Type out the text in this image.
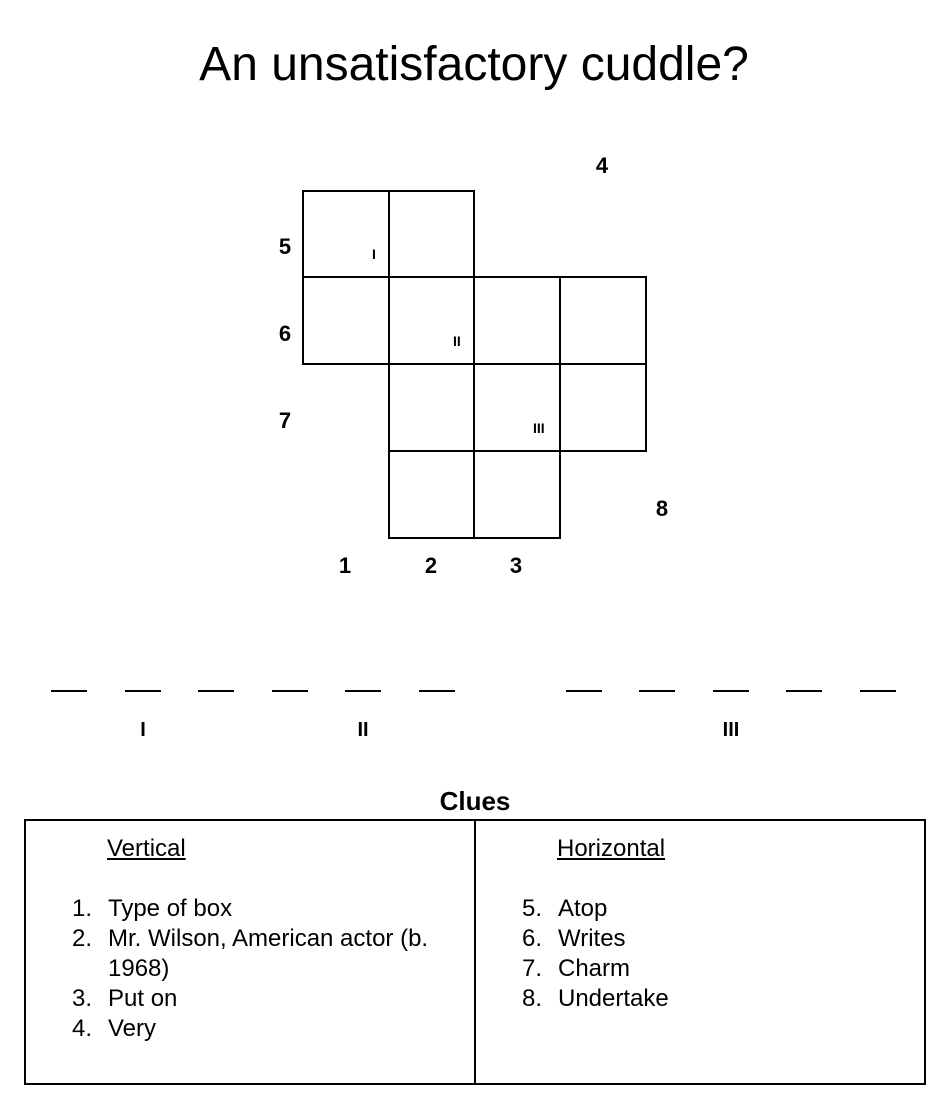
An unsatisfactory cuddle?
4
5
6
7
8
1	2	3
I
II
III
I	II	III
Clues
Vertical
1. Type of box
2. Mr. Wilson, American actor (b. 1968)
3. Put on
4. Very
Horizontal
5. Atop
6. Writes
7. Charm
8. Undertake
